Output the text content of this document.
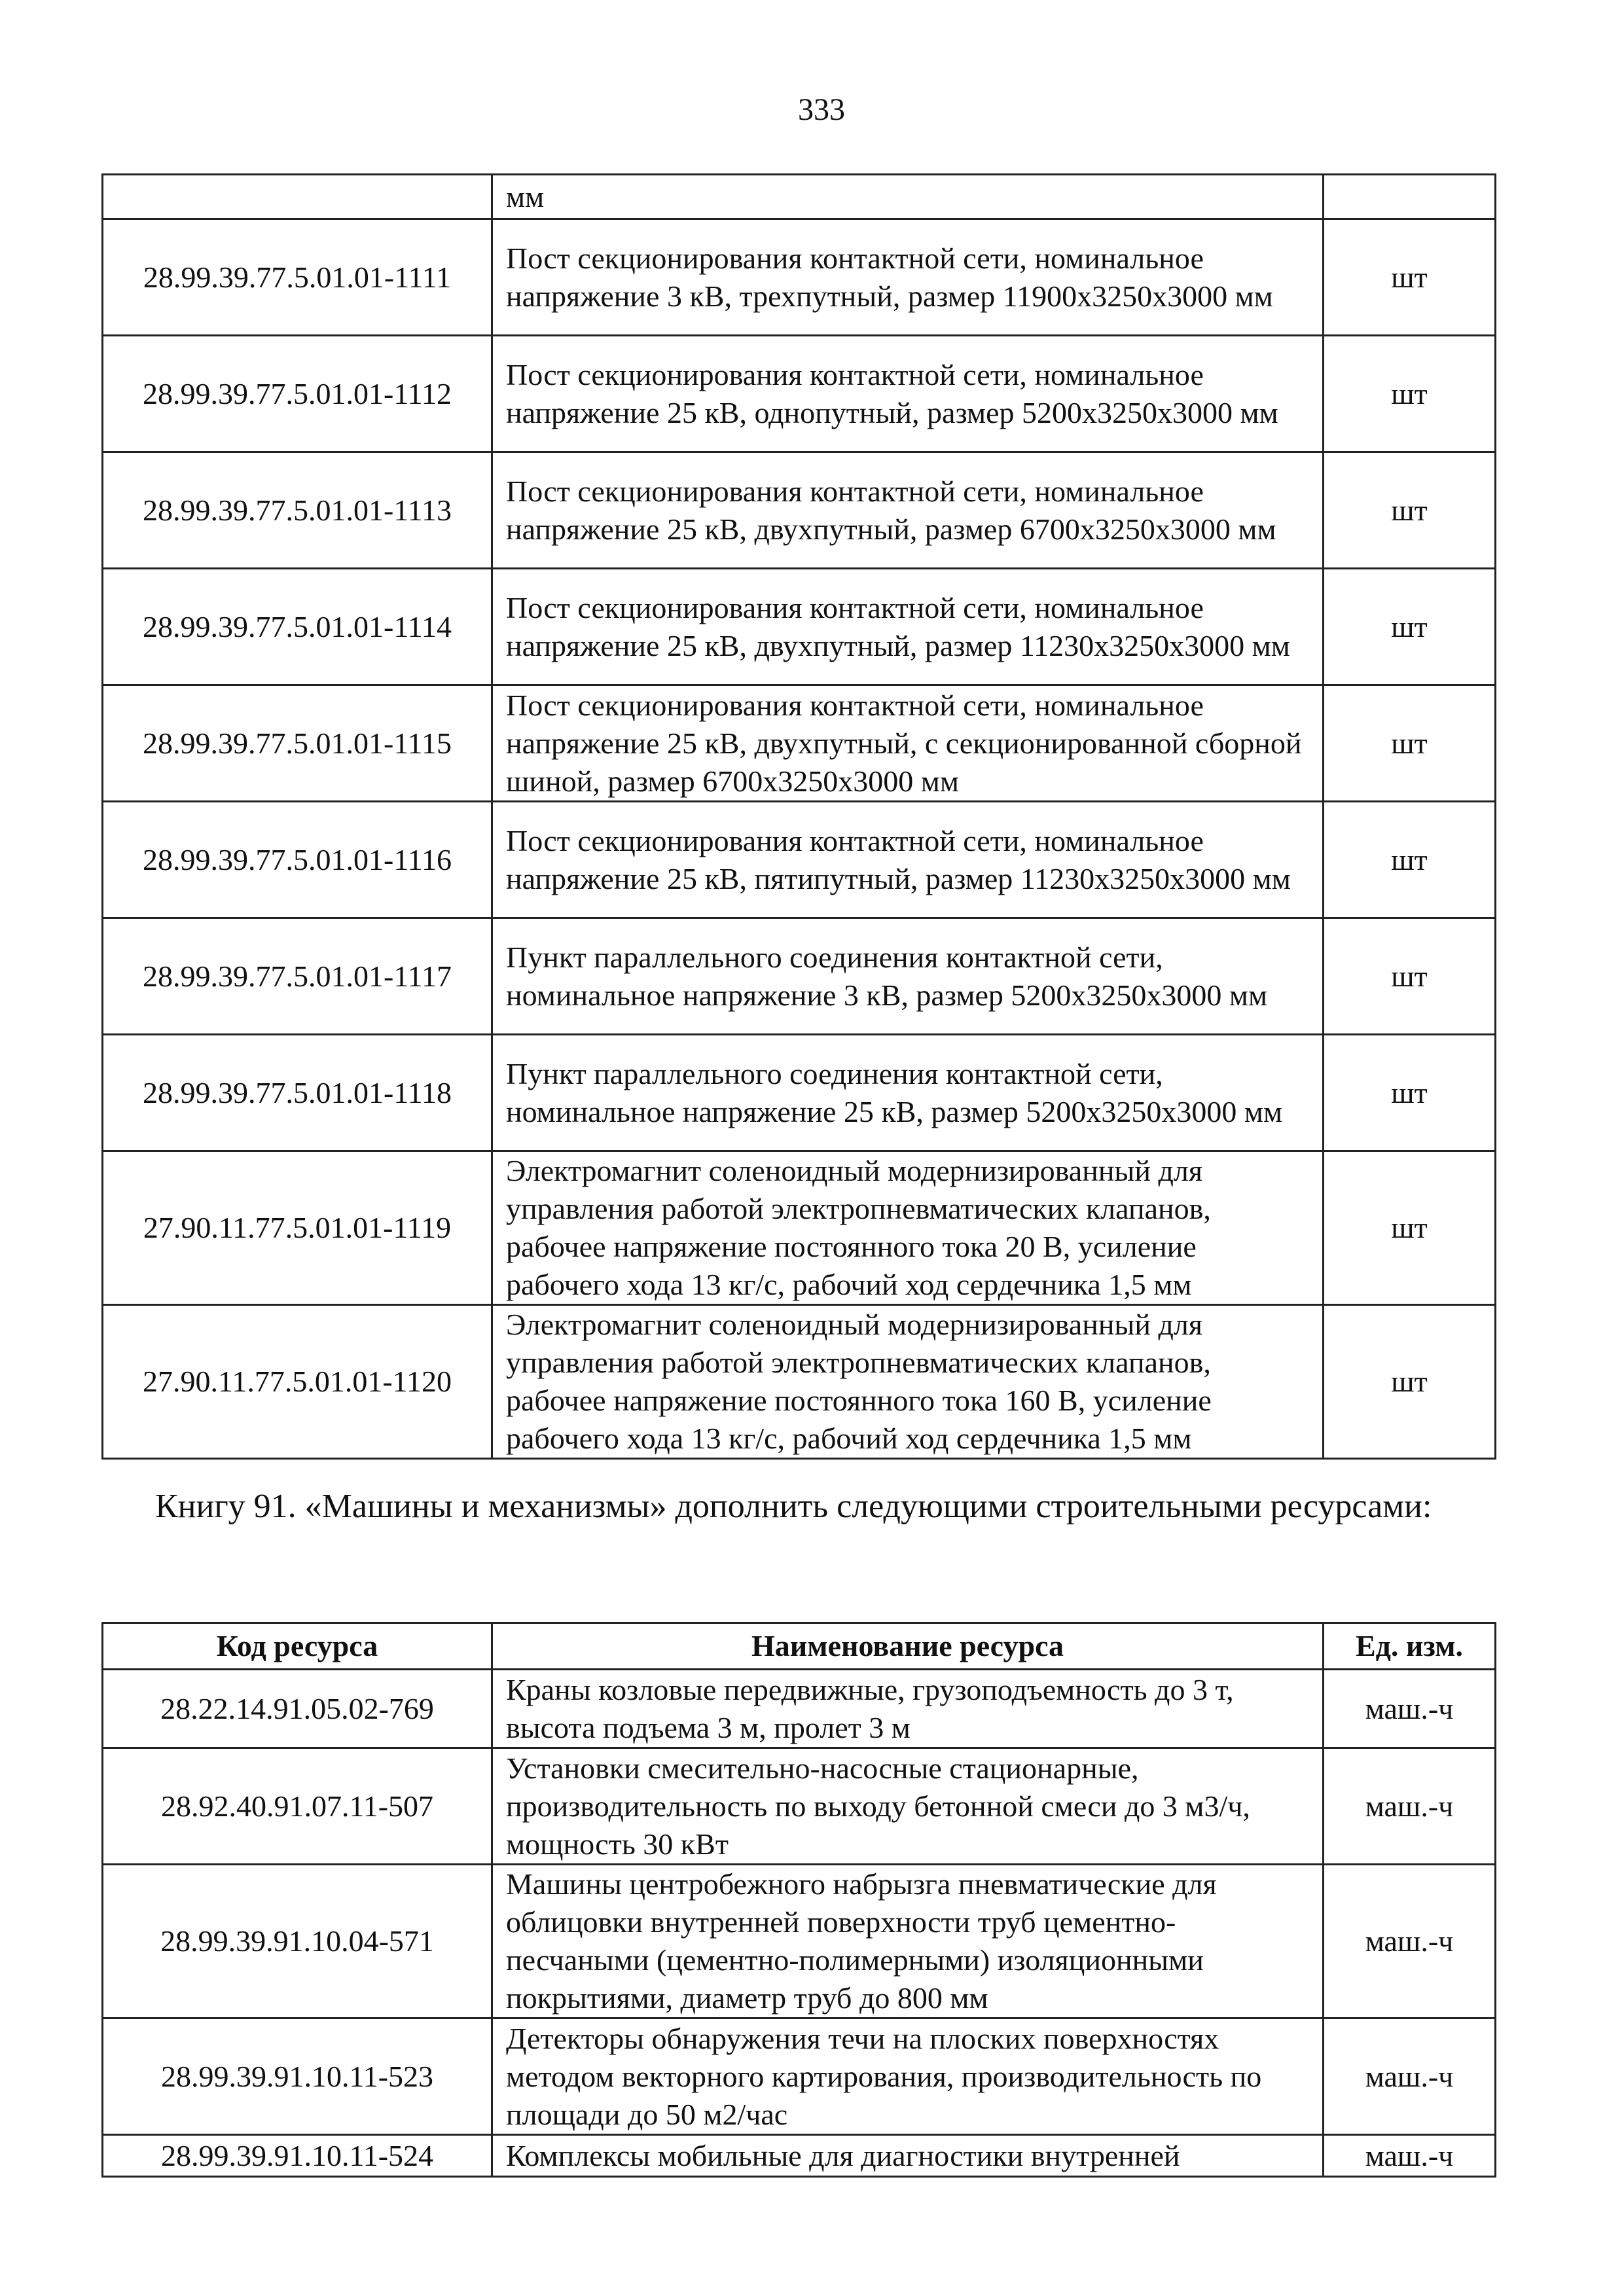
333
	мм	
28.99.39.77.5.01.01-1111	Пост секционирования контактной сети, номинальное напряжение 3 кВ, трехпутный, размер 11900х3250х3000 мм	шт
28.99.39.77.5.01.01-1112	Пост секционирования контактной сети, номинальное напряжение 25 кВ, однопутный, размер 5200х3250х3000 мм	шт
28.99.39.77.5.01.01-1113	Пост секционирования контактной сети, номинальное напряжение 25 кВ, двухпутный, размер 6700х3250х3000 мм	шт
28.99.39.77.5.01.01-1114	Пост секционирования контактной сети, номинальное напряжение 25 кВ, двухпутный, размер 11230х3250х3000 мм	шт
28.99.39.77.5.01.01-1115	Пост секционирования контактной сети, номинальное напряжение 25 кВ, двухпутный, с секционированной сборной шиной, размер 6700х3250х3000 мм	шт
28.99.39.77.5.01.01-1116	Пост секционирования контактной сети, номинальное напряжение 25 кВ, пятипутный, размер 11230х3250х3000 мм	шт
28.99.39.77.5.01.01-1117	Пункт параллельного соединения контактной сети, номинальное напряжение 3 кВ, размер 5200х3250х3000 мм	шт
28.99.39.77.5.01.01-1118	Пункт параллельного соединения контактной сети, номинальное напряжение 25 кВ, размер 5200х3250х3000 мм	шт
27.90.11.77.5.01.01-1119	Электромагнит соленоидный модернизированный для управления работой электропневматических клапанов, рабочее напряжение постоянного тока 20 В, усиление рабочего хода 13 кг/с, рабочий ход сердечника 1,5 мм	шт
27.90.11.77.5.01.01-1120	Электромагнит соленоидный модернизированный для управления работой электропневматических клапанов, рабочее напряжение постоянного тока 160 В, усиление рабочего хода 13 кг/с, рабочий ход сердечника 1,5 мм	шт
Книгу 91. «Машины и механизмы» дополнить следующими строительными ресурсами:
Код ресурса	Наименование ресурса	Ед. изм.
28.22.14.91.05.02-769	Краны козловые передвижные, грузоподъемность до 3 т, высота подъема 3 м, пролет 3 м	маш.-ч
28.92.40.91.07.11-507	Установки смесительно-насосные стационарные, производительность по выходу бетонной смеси до 3 м3/ч, мощность 30 кВт	маш.-ч
28.99.39.91.10.04-571	Машины центробежного набрызга пневматические для облицовки внутренней поверхности труб цементно-песчаными (цементно-полимерными) изоляционными покрытиями, диаметр труб до 800 мм	маш.-ч
28.99.39.91.10.11-523	Детекторы обнаружения течи на плоских поверхностях методом векторного картирования, производительность по площади до 50 м2/час	маш.-ч
28.99.39.91.10.11-524	Комплексы мобильные для диагностики внутренней	маш.-ч
